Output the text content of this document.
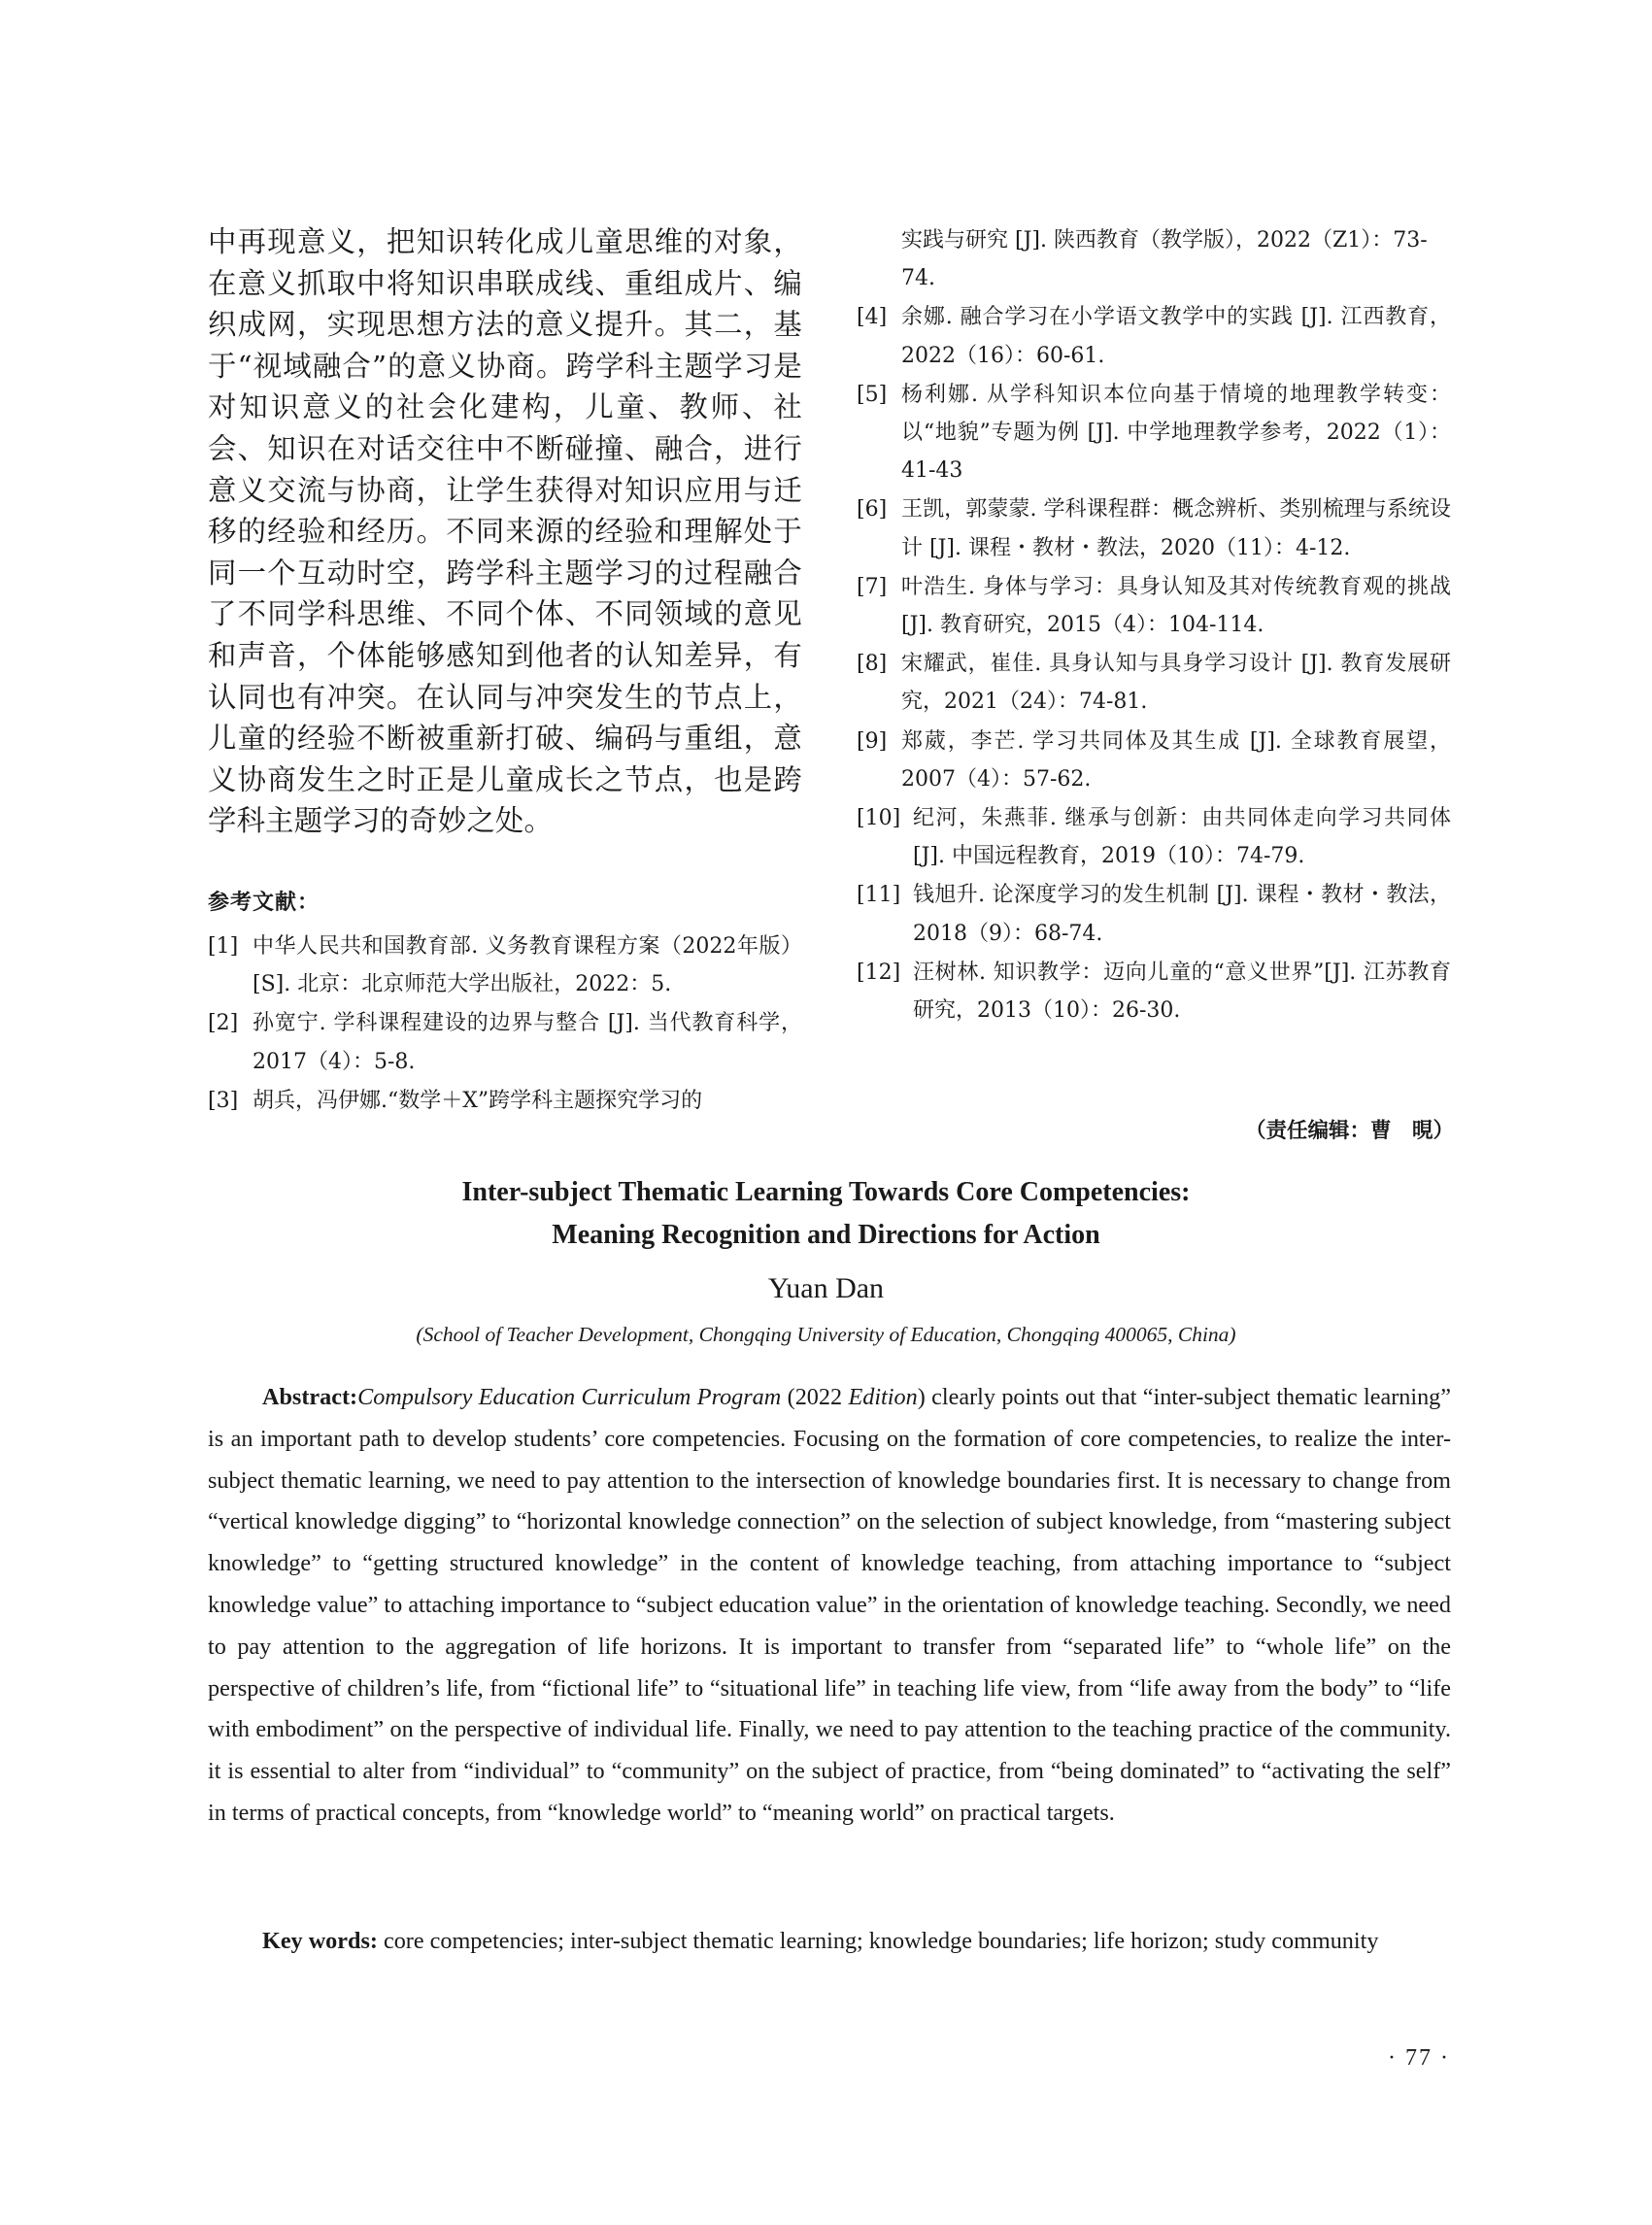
中再现意义，把知识转化成儿童思维的对象，在意义抓取中将知识串联成线、重组成片、编织成网，实现思想方法的意义提升。其二，基于“视域融合”的意义协商。跨学科主题学习是对知识意义的社会化建构，儿童、教师、社会、知识在对话交往中不断碰撞、融合，进行意义交流与协商，让学生获得对知识应用与迁移的经验和经历。不同来源的经验和理解处于同一个互动时空，跨学科主题学习的过程融合了不同学科思维、不同个体、不同领域的意见和声音，个体能够感知到他者的认知差异，有认同也有冲突。在认同与冲突发生的节点上，儿童的经验不断被重新打破、编码与重组，意义协商发生之时正是儿童成长之节点，也是跨学科主题学习的奇妙之处。

参考文献：
[1] 中华人民共和国教育部. 义务教育课程方案（2022年版）[S]. 北京：北京师范大学出版社，2022：5.
[2] 孙宽宁. 学科课程建设的边界与整合 [J]. 当代教育科学，2017（4）：5-8.
[3] 胡兵，冯伊娜.“数学＋X”跨学科主题探究学习的
实践与研究 [J]. 陕西教育（教学版），2022（Z1）：73-74.
[4] 余娜. 融合学习在小学语文教学中的实践 [J]. 江西教育，2022（16）：60-61.
[5] 杨利娜. 从学科知识本位向基于情境的地理教学转变：以“地貌”专题为例 [J]. 中学地理教学参考，2022（1）：41-43
[6] 王凯，郭蒙蒙. 学科课程群：概念辨析、类别梳理与系统设计 [J]. 课程・教材・教法，2020（11）：4-12.
[7] 叶浩生. 身体与学习：具身认知及其对传统教育观的挑战 [J]. 教育研究，2015（4）：104-114.
[8] 宋耀武，崔佳. 具身认知与具身学习设计 [J]. 教育发展研究，2021（24）：74-81.
[9] 郑葳，李芒. 学习共同体及其生成 [J]. 全球教育展望，2007（4）：57-62.
[10] 纪河，朱燕菲. 继承与创新：由共同体走向学习共同体 [J]. 中国远程教育，2019（10）：74-79.
[11] 钱旭升. 论深度学习的发生机制 [J]. 课程・教材・教法，2018（9）：68-74.
[12] 汪树林. 知识教学：迈向儿童的“意义世界”[J]. 江苏教育研究，2013（10）：26-30.
（责任编辑：曹　晛）
Inter-subject Thematic Learning Towards Core Competencies:
Meaning Recognition and Directions for Action
Yuan Dan
(School of Teacher Development, Chongqing University of Education, Chongqing 400065, China)

Abstract:Compulsory Education Curriculum Program (2022 Edition) clearly points out that “inter-subject thematic learning” is an important path to develop students’ core competencies. Focusing on the formation of core competencies, to realize the inter-subject thematic learning, we need to pay attention to the intersection of knowledge boundaries first. It is necessary to change from “vertical knowledge digging” to “horizontal knowledge connection” on the selection of subject knowledge, from “mastering subject knowledge” to “getting structured knowledge” in the content of knowledge teaching, from attaching importance to “subject knowledge value” to attaching importance to “subject education value” in the orientation of knowledge teaching. Secondly, we need to pay attention to the aggregation of life horizons. It is important to transfer from “separated life” to “whole life” on the perspective of children’s life, from “fictional life” to “situational life” in teaching life view, from “life away from the body” to “life with embodiment” on the perspective of individual life. Finally, we need to pay attention to the teaching practice of the community. it is essential to alter from “individual” to “community” on the subject of practice, from “being dominated” to “activating the self” in terms of practical concepts, from “knowledge world” to “meaning world” on practical targets.

Key words: core competencies; inter-subject thematic learning; knowledge boundaries; life horizon; study community

· 77 ·
